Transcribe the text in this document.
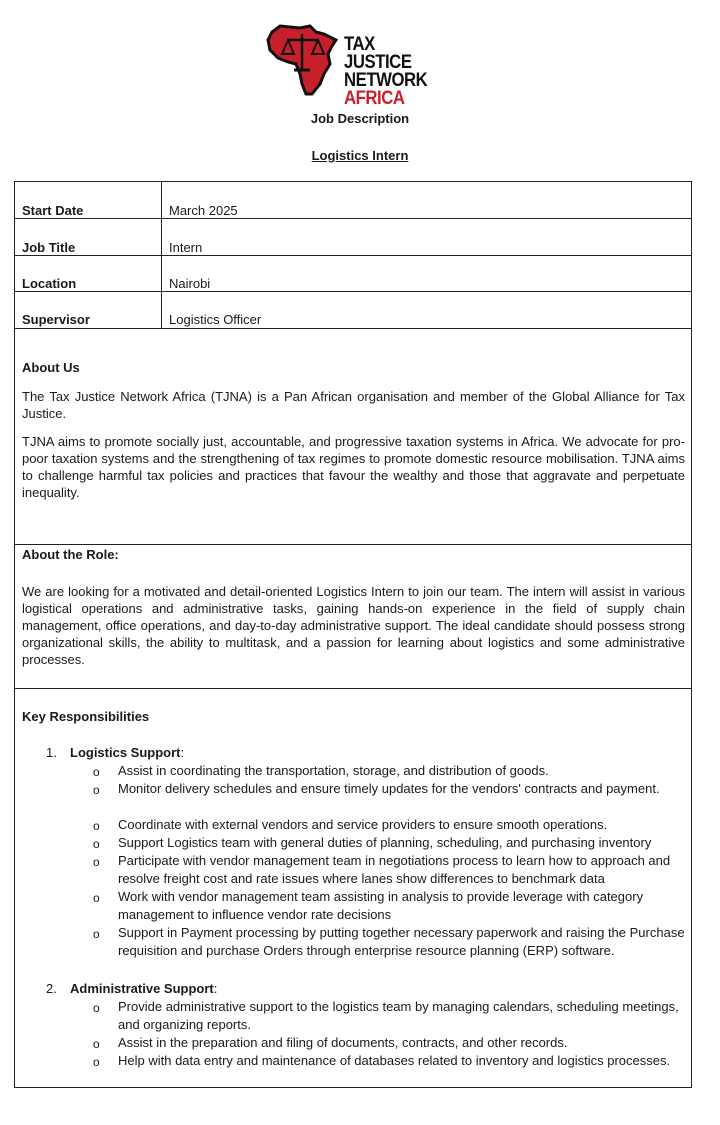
TAX JUSTICE
NETWORK
AFRICA
Job Description
Logistics Intern
Start Date	March 2025
Job Title	Intern
Location	Nairobi
Supervisor	Logistics Officer
About Us
The Tax Justice Network Africa (TJNA) is a Pan African organisation and member of the Global Alliance for Tax Justice.
TJNA aims to promote socially just, accountable, and progressive taxation systems in Africa. We advocate for pro-poor taxation systems and the strengthening of tax regimes to promote domestic resource mobilisation. TJNA aims to challenge harmful tax policies and practices that favour the wealthy and those that aggravate and perpetuate inequality.
About the Role:
We are looking for a motivated and detail-oriented Logistics Intern to join our team. The intern will assist in various logistical operations and administrative tasks, gaining hands-on experience in the field of supply chain management, office operations, and day-to-day administrative support. The ideal candidate should possess strong organizational skills, the ability to multitask, and a passion for learning about logistics and some administrative processes.
Key Responsibilities
1. Logistics Support:
o Assist in coordinating the transportation, storage, and distribution of goods.
o Monitor delivery schedules and ensure timely updates for the vendors' contracts and payment.
o Coordinate with external vendors and service providers to ensure smooth operations.
o Support Logistics team with general duties of planning, scheduling, and purchasing inventory
o Participate with vendor management team in negotiations process to learn how to approach and resolve freight cost and rate issues where lanes show differences to benchmark data
o Work with vendor management team assisting in analysis to provide leverage with category management to influence vendor rate decisions
o Support in Payment processing by putting together necessary paperwork and raising the Purchase requisition and purchase Orders through enterprise resource planning (ERP) software.
2. Administrative Support:
o Provide administrative support to the logistics team by managing calendars, scheduling meetings, and organizing reports.
o Assist in the preparation and filing of documents, contracts, and other records.
o Help with data entry and maintenance of databases related to inventory and logistics processes.
